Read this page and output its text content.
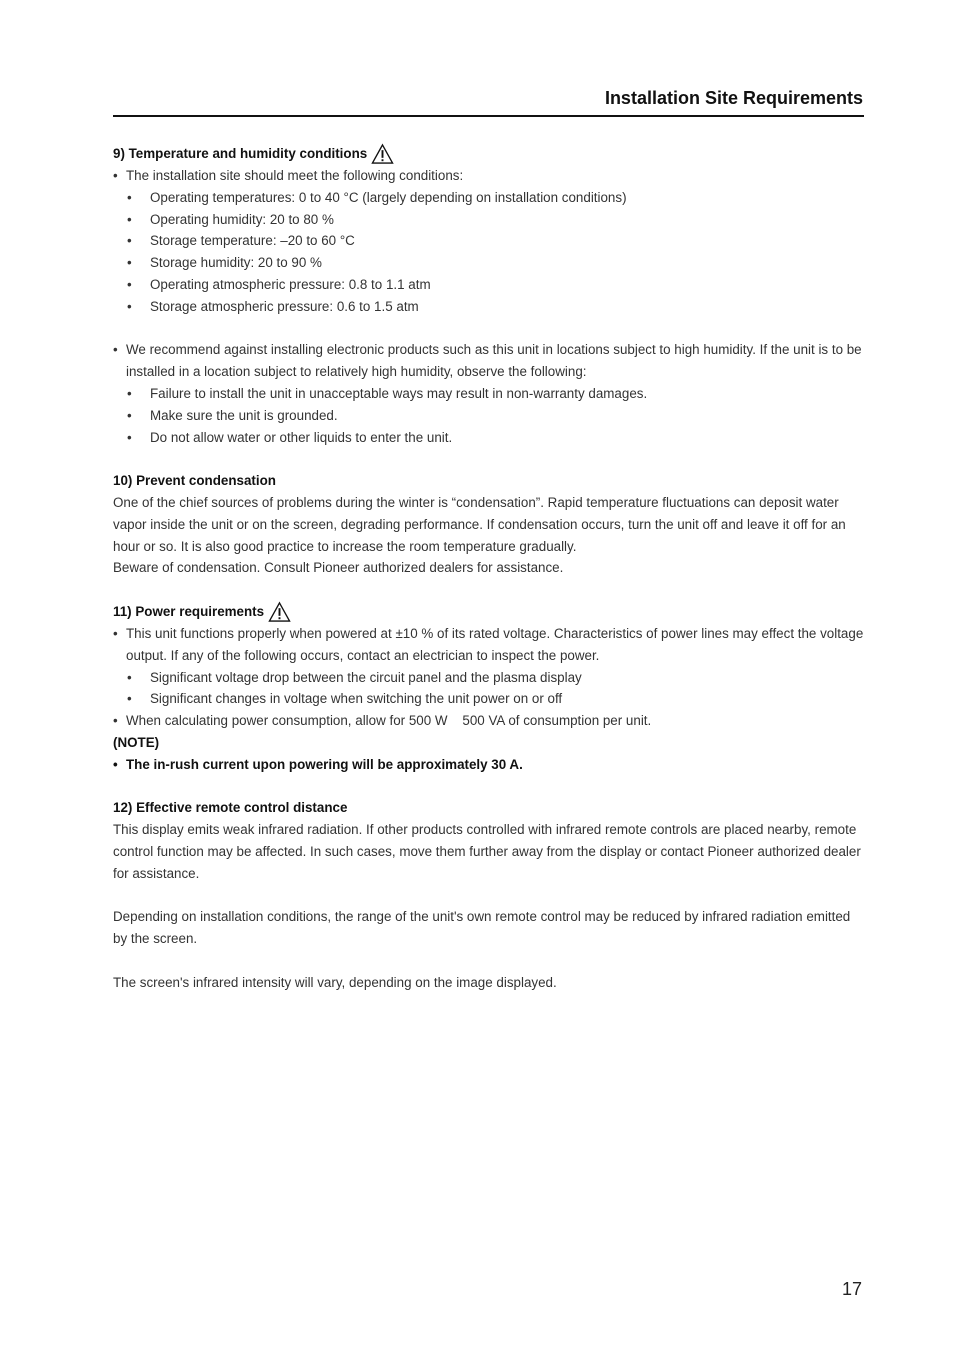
Installation Site Requirements
9) Temperature and humidity conditions
• The installation site should meet the following conditions:
•	Operating temperatures: 0 to 40 °C (largely depending on installation conditions)
•	Operating humidity: 20 to 80 %
•	Storage temperature: –20 to 60 °C
•	Storage humidity: 20 to 90 %
•	Operating atmospheric pressure: 0.8 to 1.1 atm
•	Storage atmospheric pressure: 0.6 to 1.5 atm
• We recommend against installing electronic products such as this unit in locations subject to high humidity. If the unit is to be installed in a location subject to relatively high humidity, observe the following:
•	Failure to install the unit in unacceptable ways may result in non-warranty damages.
•	Make sure the unit is grounded.
•	Do not allow water or other liquids to enter the unit.
10) Prevent condensation

One of the chief sources of problems during the winter is “condensation”. Rapid temperature fluctuations can deposit water vapor inside the unit or on the screen, degrading performance. If condensation occurs, turn the unit off and leave it off for an hour or so. It is also good practice to increase the room temperature gradually.

Beware of condensation. Consult Pioneer authorized dealers for assistance.

11) Power requirements
• This unit functions properly when powered at ±10 % of its rated voltage. Characteristics of power lines may effect the voltage output. If any of the following occurs, contact an electrician to inspect the power.
•	Significant voltage drop between the circuit panel and the plasma display
•	Significant changes in voltage when switching the unit power on or off
• When calculating power consumption, allow for 500 W    500 VA of consumption per unit.
(NOTE)
• The in-rush current upon powering will be approximately 30 A.
12) Effective remote control distance

This display emits weak infrared radiation. If other products controlled with infrared remote controls are placed nearby, remote control function may be affected. In such cases, move them further away from the display or contact Pioneer authorized dealer for assistance.

Depending on installation conditions, the range of the unit's own remote control may be reduced by infrared radiation emitted by the screen.

The screen's infrared intensity will vary, depending on the image displayed.

17
